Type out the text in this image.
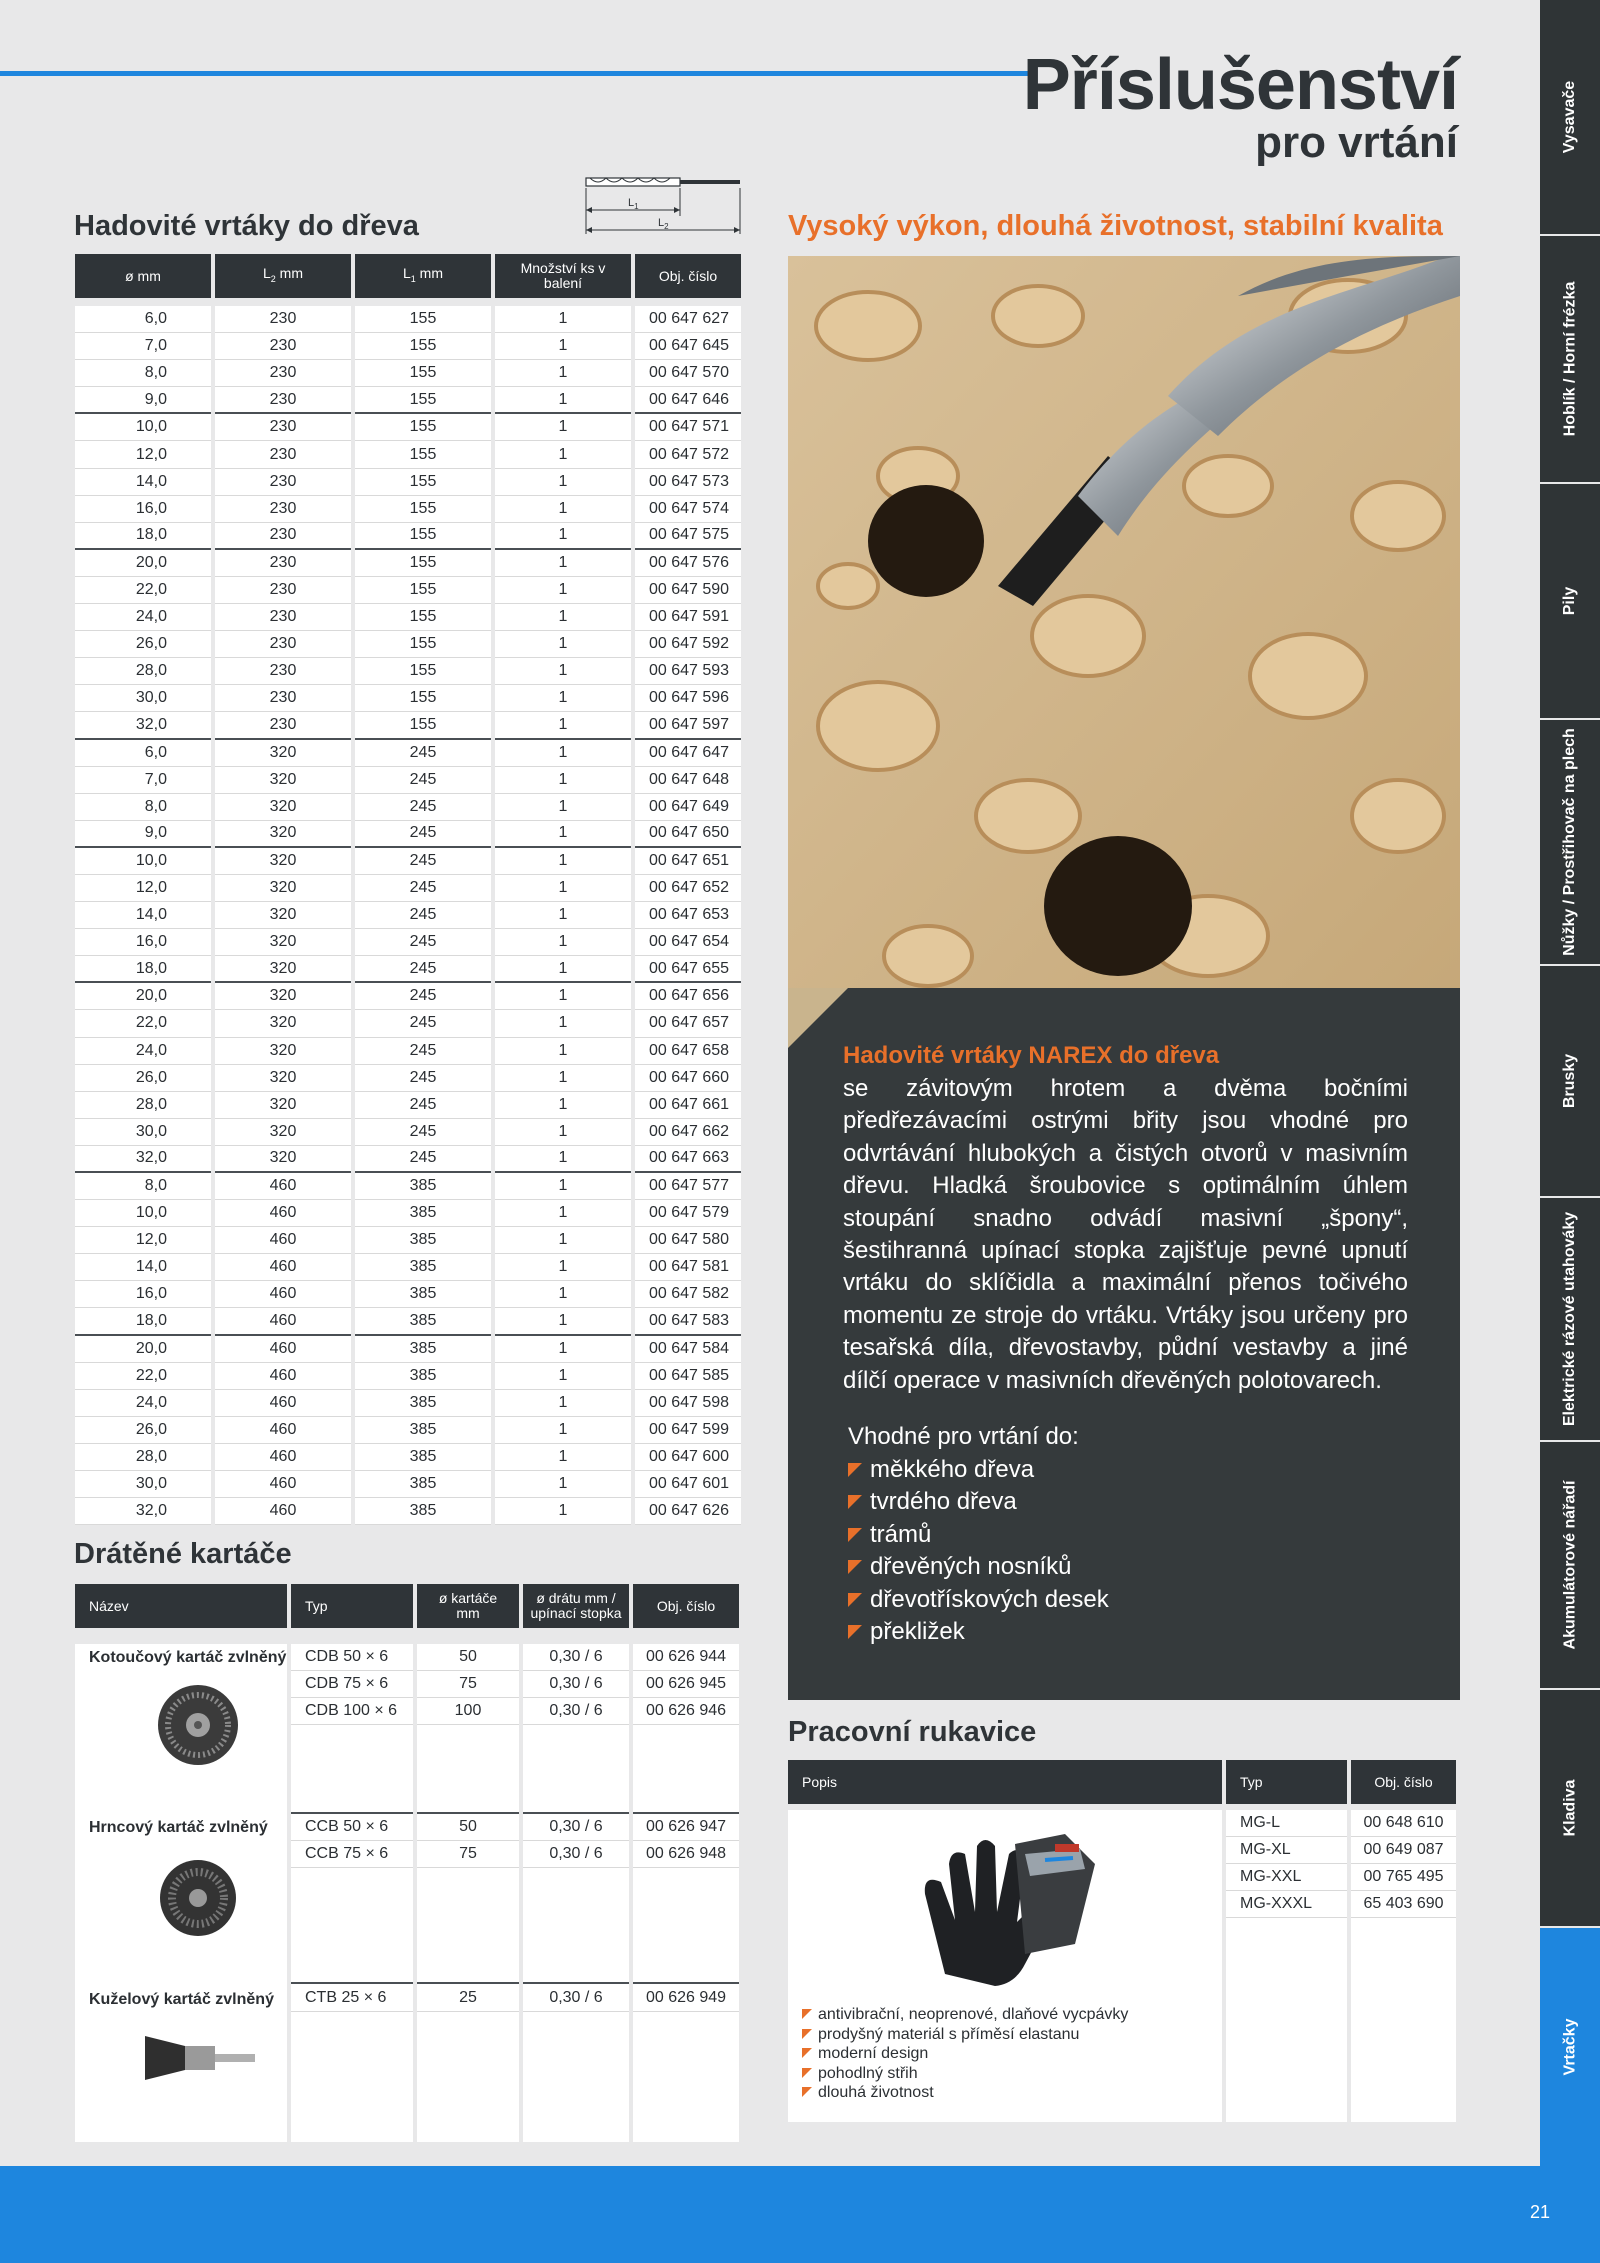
Příslušenství
pro vrtání	Vysavače
Hoblík / Horní frézka
Pily
Nůžky / Prostřihovač na plech
Brusky
Elektrické rázové utahováky
Akumulátorové nářadí
Kladiva
Vrtačky
Hadovité vrtáky do dřeva
$L_1$
$L_2$
ø mm	$L_2$ mm	$L_1$ mm	Množství ks v balení	Obj. číslo

6,0	230	155	1	00 647 627
7,0	230	155	1	00 647 645
8,0	230	155	1	00 647 570
9,0	230	155	1	00 647 646
10,0	230	155	1	00 647 571
12,0	230	155	1	00 647 572
14,0	230	155	1	00 647 573
16,0	230	155	1	00 647 574
18,0	230	155	1	00 647 575
20,0	230	155	1	00 647 576
22,0	230	155	1	00 647 590
24,0	230	155	1	00 647 591
26,0	230	155	1	00 647 592
28,0	230	155	1	00 647 593
30,0	230	155	1	00 647 596
32,0	230	155	1	00 647 597
6,0	320	245	1	00 647 647
7,0	320	245	1	00 647 648
8,0	320	245	1	00 647 649
9,0	320	245	1	00 647 650
10,0	320	245	1	00 647 651
12,0	320	245	1	00 647 652
14,0	320	245	1	00 647 653
16,0	320	245	1	00 647 654
18,0	320	245	1	00 647 655
20,0	320	245	1	00 647 656
22,0	320	245	1	00 647 657
24,0	320	245	1	00 647 658
26,0	320	245	1	00 647 660
28,0	320	245	1	00 647 661
30,0	320	245	1	00 647 662
32,0	320	245	1	00 647 663
8,0	460	385	1	00 647 577
10,0	460	385	1	00 647 579
12,0	460	385	1	00 647 580
14,0	460	385	1	00 647 581
16,0	460	385	1	00 647 582
18,0	460	385	1	00 647 583
20,0	460	385	1	00 647 584
22,0	460	385	1	00 647 585
24,0	460	385	1	00 647 598
26,0	460	385	1	00 647 599
28,0	460	385	1	00 647 600
30,0	460	385	1	00 647 601
32,0	460	385	1	00 647 626
Drátěné kartáče
Název	Typ	ø kartáče mm	ø drátu mm / upínací stopka	Obj. číslo

Kotoučový kartáč zvlněný	CDB 50 × 6	50	0,30 / 6	00 626 944
	CDB 75 × 6	75	0,30 / 6	00 626 945
	CDB 100 × 6	100	0,30 / 6	00 626 946

Hrncový kartáč zvlněný	CCB 50 × 6	50	0,30 / 6	00 626 947
	CCB 75 × 6	75	0,30 / 6	00 626 948

Kuželový kartáč zvlněný	CTB 25 × 6	25	0,30 / 6	00 626 949

Vysoký výkon, dlouhá životnost, stabilní kvalita
Hadovité vrtáky NAREX do dřeva
se závitovým hrotem a dvěma bočními předřezávacími ostrými břity jsou vhodné pro odvrtávání hlubokých a čistých otvorů v masivním dřevu. Hladká šroubovice s optimálním úhlem stoupání snadno odvádí masivní „špony“, šestihranná upínací stopka zajišťuje pevné upnutí vrtáku do sklíčidla a maximální přenos točivého momentu ze stroje do vrtáku. Vrtáky jsou určeny pro tesařská díla, dřevostavby, půdní vestavby a jiné dílčí operace v masivních dřevěných polotovarech.
Vhodné pro vrtání do:
měkkého dřeva
tvrdého dřeva
trámů
dřevěných nosníků
dřevotřískových desek
překližek
Pracovní rukavice
Popis	Typ	Obj. číslo

	MG-L	00 648 610
	MG-XL	00 649 087
	MG-XXL	00 765 495
	MG-XXXL	65 403 690

antivibrační, neoprenové, dlaňové vycpávky
prodyšný materiál s příměsí elastanu
moderní design
pohodlný střih
dlouhá životnost
21
